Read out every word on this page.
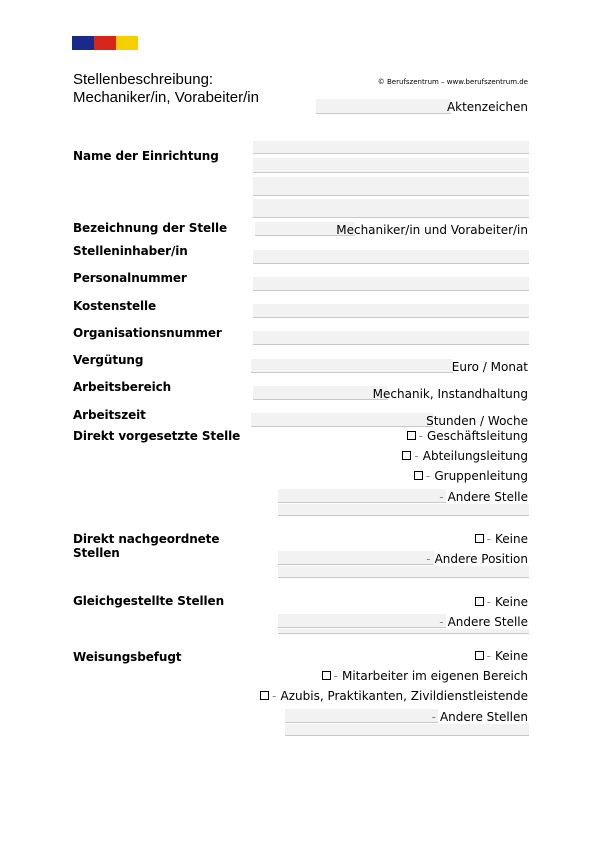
Stellenbeschreibung:
Mechaniker/in, Vorabeiter/in
© Berufszentrum – www.berufszentrum.de
Aktenzeichen
Name der Einrichtung
Bezeichnung der Stelle	Mechaniker/in und Vorabeiter/in
Stelleninhaber/in
Personalnummer
Kostenstelle
Organisationsnummer
Vergütung	Euro / Monat
Arbeitsbereich	Mechanik, Instandhaltung
Arbeitszeit	Stunden / Woche
Direkt vorgesetzte Stelle	- Geschäftsleitung
- Abteilungsleitung
- Gruppenleitung
- Andere Stelle
Direkt nachgeordnete
Stellen
- Keine
- Andere Position
Gleichgestellte Stellen	- Keine
- Andere Stelle
Weisungsbefugt	- Keine
- Mitarbeiter im eigenen Bereich
- Azubis, Praktikanten, Zivildienstleistende
- Andere Stellen
